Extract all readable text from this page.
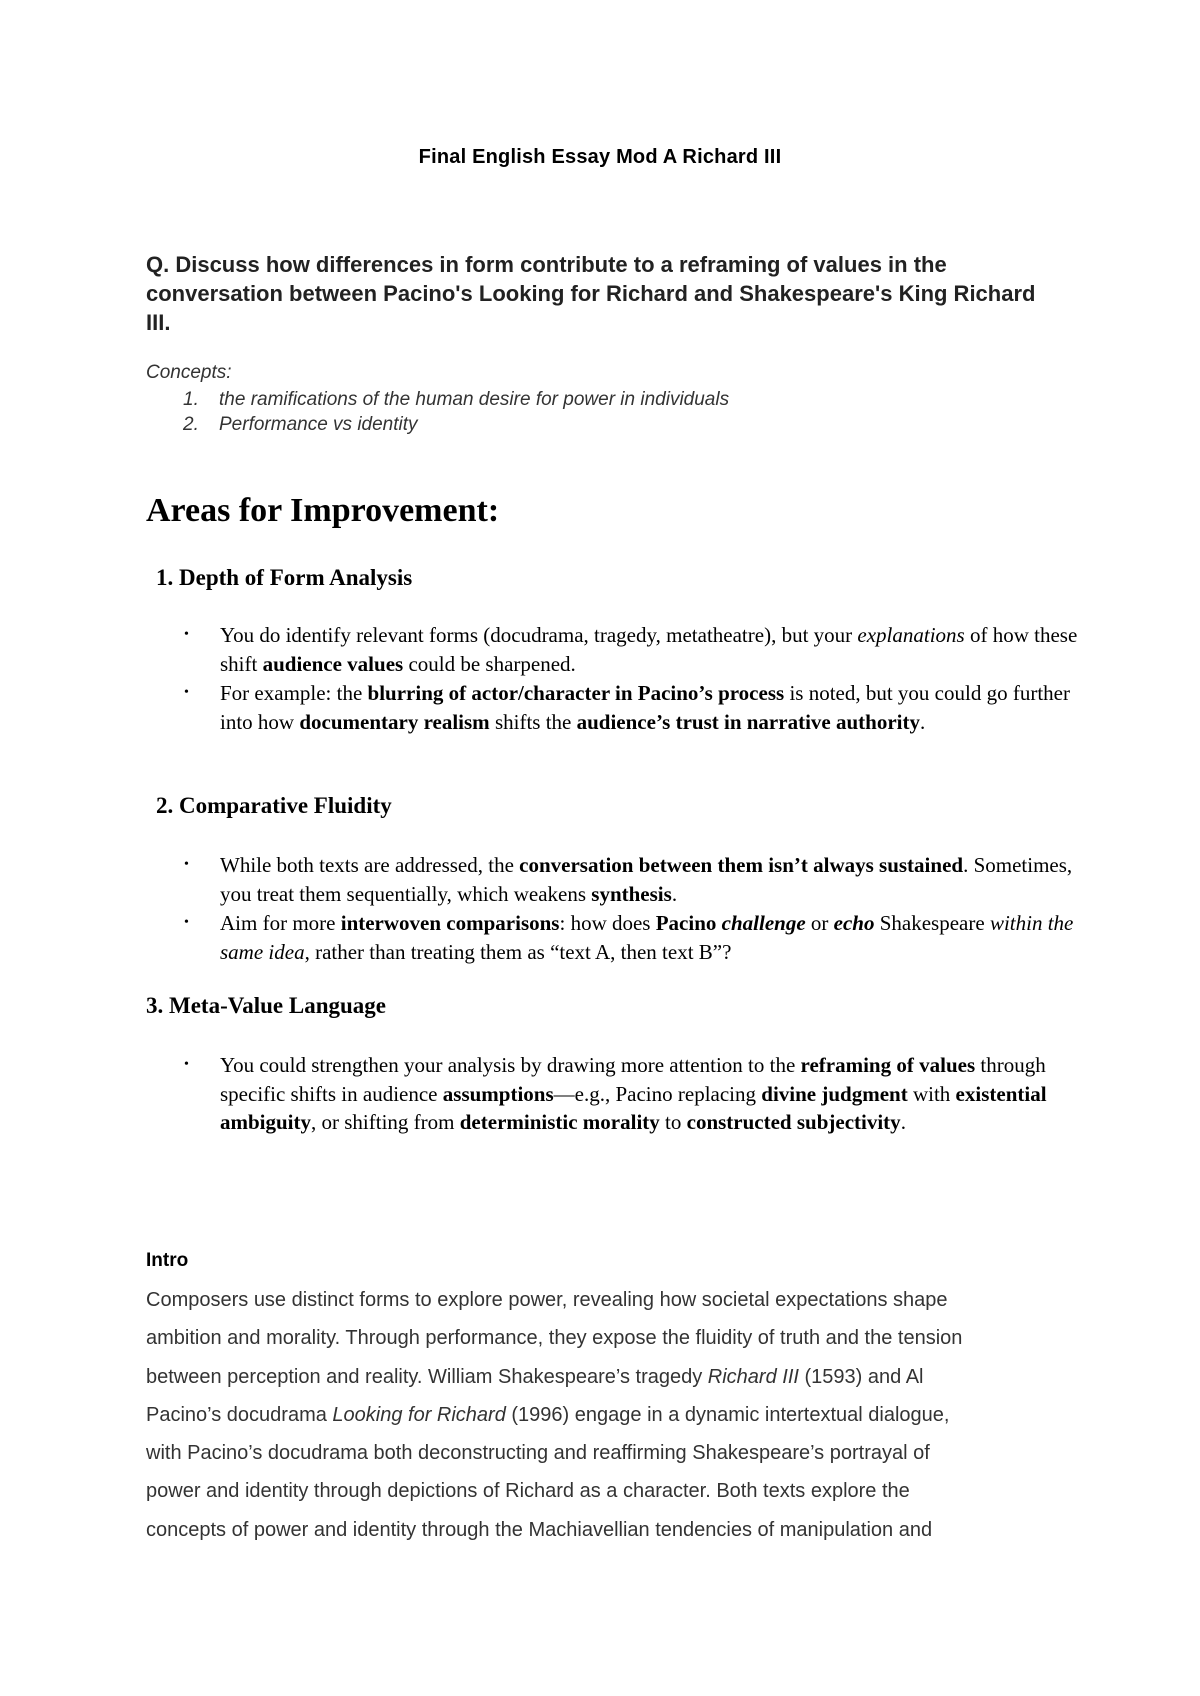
Final English Essay Mod A Richard III
Q. Discuss how differences in form contribute to a reframing of values in the conversation between Pacino's Looking for Richard and Shakespeare's King Richard III.
Concepts:
1. the ramifications of the human desire for power in individuals
2. Performance vs identity
Areas for Improvement:
1. Depth of Form Analysis
•	You do identify relevant forms (docudrama, tragedy, metatheatre), but your explanations of how these shift audience values could be sharpened.
•	For example: the blurring of actor/character in Pacino’s process is noted, but you could go further into how documentary realism shifts the audience’s trust in narrative authority.
2. Comparative Fluidity
•	While both texts are addressed, the conversation between them isn’t always sustained. Sometimes, you treat them sequentially, which weakens synthesis.
•	Aim for more interwoven comparisons: how does Pacino challenge or echo Shakespeare within the same idea, rather than treating them as “text A, then text B”?
3. Meta-Value Language
•	You could strengthen your analysis by drawing more attention to the reframing of values through specific shifts in audience assumptions—e.g., Pacino replacing divine judgment with existential ambiguity, or shifting from deterministic morality to constructed subjectivity.
Intro
Composers use distinct forms to explore power, revealing how societal expectations shape
ambition and morality. Through performance, they expose the fluidity of truth and the tension
between perception and reality. William Shakespeare’s tragedy Richard III (1593) and Al
Pacino’s docudrama Looking for Richard (1996) engage in a dynamic intertextual dialogue,
with Pacino’s docudrama both deconstructing and reaffirming Shakespeare’s portrayal of
power and identity through depictions of Richard as a character. Both texts explore the
concepts of power and identity through the Machiavellian tendencies of manipulation and
